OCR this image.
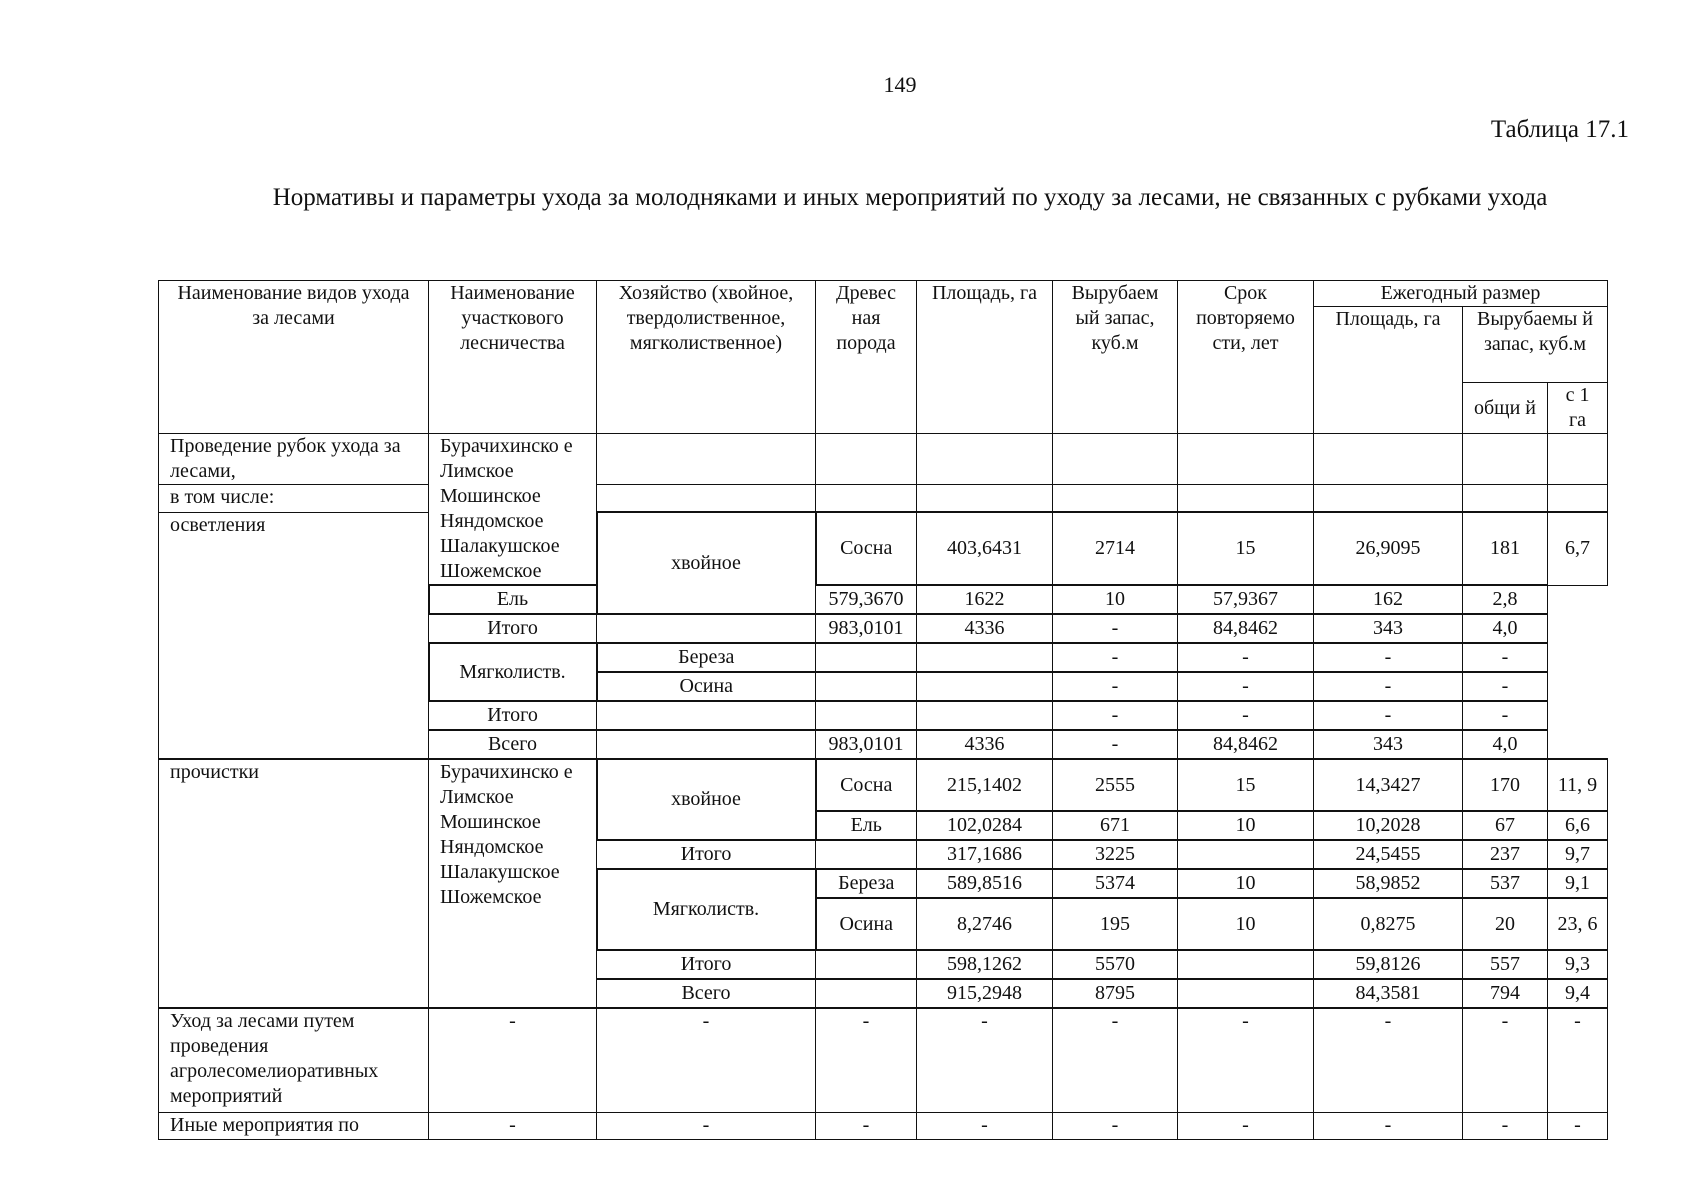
149
Таблица 17.1
Нормативы и параметры ухода за молодняками и иных мероприятий по уходу за лесами, не связанных с рубками ухода
Наименование видов ухода за лесами	Наименование участкового лесничества	Хозяйство (хвойное, твердолиственное, мягколиственное)	Древес ная порода	Площадь, га	Вырубаем ый запас, куб.м	Срок повторяемо сти, лет	Ежегодный размер		
							Площадь, га	Вырубаемы й запас, куб.м	
								общи й	с 1 га
Проведение рубок ухода за лесами,	Бурачихинско е Лимское Мошинское Няндомское Шалакушское Шожемское								
в том числе:									
осветления		хвойное	Сосна	403,6431	2714	15	26,9095	181	6,7
	Ель		579,3670	1622	10	57,9367	162	2,8	
	Итого		983,0101	4336	-	84,8462	343	4,0	
	Мягколиств.	Береза			-	-	-	-	
		Осина			-	-	-	-	
	Итого				-	-	-	-	
	Всего		983,0101	4336	-	84,8462	343	4,0	
прочистки	Бурачихинско е Лимское Мошинское Няндомское Шалакушское Шожемское	хвойное	Сосна	215,1402	2555	15	14,3427	170	11, 9
			Ель	102,0284	671	10	10,2028	67	6,6
		Итого		317,1686	3225		24,5455	237	9,7
		Мягколиств.	Береза	589,8516	5374	10	58,9852	537	9,1
			Осина	8,2746	195	10	0,8275	20	23, 6
		Итого		598,1262	5570		59,8126	557	9,3
		Всего		915,2948	8795		84,3581	794	9,4
Уход за лесами путем проведения агролесомелиоративных мероприятий	-	-	-	-	-	-	-	-	-
Иные мероприятия по	-	-	-	-	-	-	-	-	-
